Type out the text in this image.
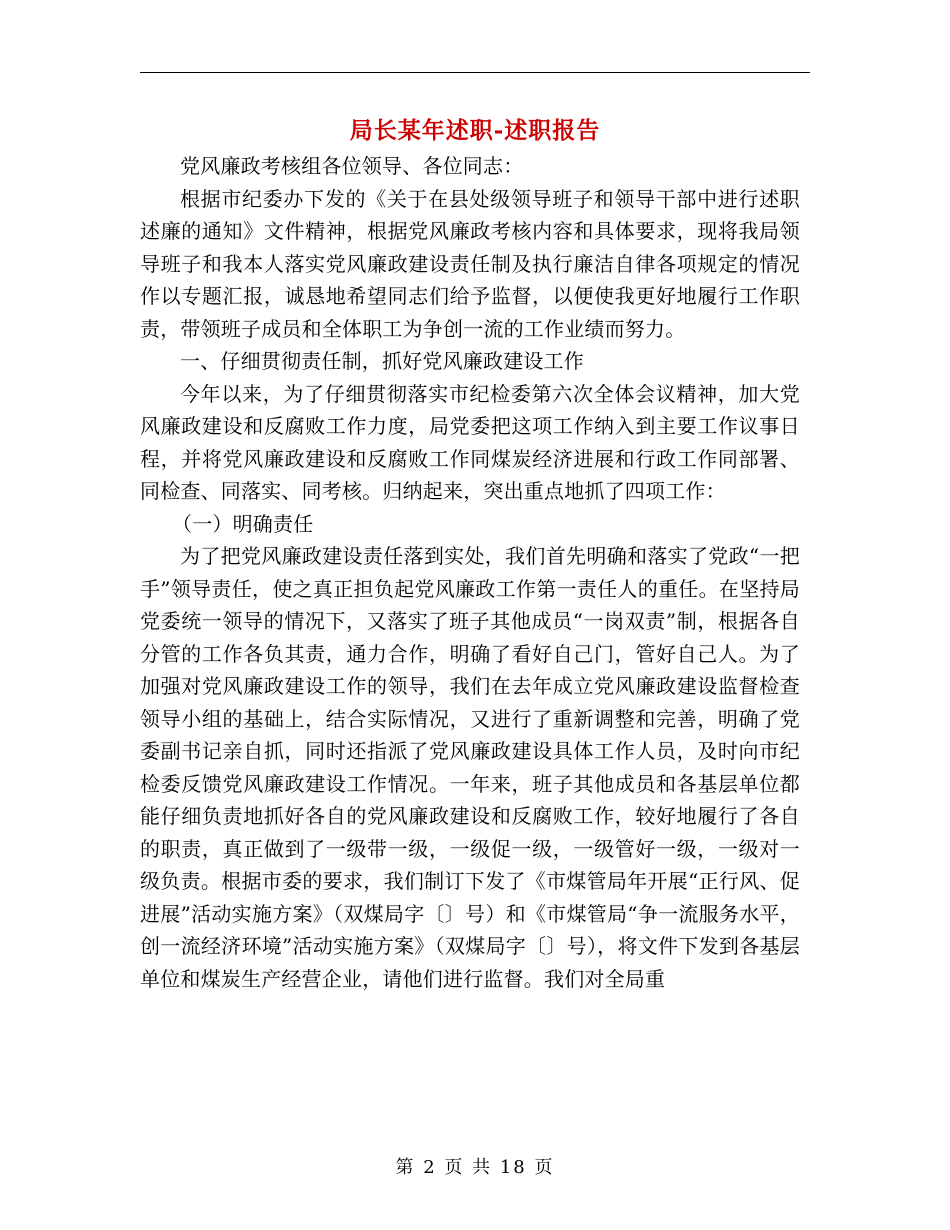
局长某年述职-述职报告

党风廉政考核组各位领导、各位同志：

根据市纪委办下发的《关于在县处级领导班子和领导干部中进行述职述廉的通知》文件精神，根据党风廉政考核内容和具体要求，现将我局领导班子和我本人落实党风廉政建设责任制及执行廉洁自律各项规定的情况作以专题汇报，诚恳地希望同志们给予监督，以便使我更好地履行工作职责，带领班子成员和全体职工为争创一流的工作业绩而努力。

一、仔细贯彻责任制，抓好党风廉政建设工作

今年以来，为了仔细贯彻落实市纪检委第六次全体会议精神，加大党风廉政建设和反腐败工作力度，局党委把这项工作纳入到主要工作议事日程，并将党风廉政建设和反腐败工作同煤炭经济进展和行政工作同部署、同检查、同落实、同考核。归纳起来，突出重点地抓了四项工作：

（一）明确责任

为了把党风廉政建设责任落到实处，我们首先明确和落实了党政“一把手”领导责任，使之真正担负起党风廉政工作第一责任人的重任。在坚持局党委统一领导的情况下，又落实了班子其他成员“一岗双责”制，根据各自分管的工作各负其责，通力合作，明确了看好自己门，管好自己人。为了加强对党风廉政建设工作的领导，我们在去年成立党风廉政建设监督检查领导小组的基础上，结合实际情况，又进行了重新调整和完善，明确了党委副书记亲自抓，同时还指派了党风廉政建设具体工作人员，及时向市纪检委反馈党风廉政建设工作情况。一年来，班子其他成员和各基层单位都能仔细负责地抓好各自的党风廉政建设和反腐败工作，较好地履行了各自的职责，真正做到了一级带一级，一级促一级，一级管好一级，一级对一级负责。根据市委的要求，我们制订下发了《市煤管局年开展“正行风、促进展”活动实施方案》（双煤局字〔〕号）和《市煤管局“争一流服务水平，创一流经济环境”活动实施方案》（双煤局字〔〕号），将文件下发到各基层单位和煤炭生产经营企业，请他们进行监督。我们对全局重

第 2 页 共 18 页
